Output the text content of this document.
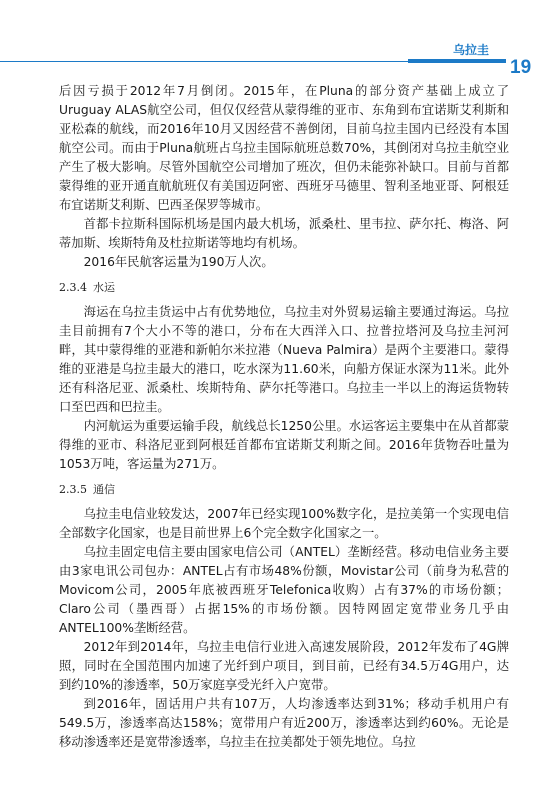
乌拉圭
19

后因亏损于2012年7月倒闭。2015年，在Pluna的部分资产基础上成立了Uruguay ALAS航空公司，但仅仅经营从蒙得维的亚市、东角到布宜诺斯艾利斯和亚松森的航线，而2016年10月又因经营不善倒闭，目前乌拉圭国内已经没有本国航空公司。而由于Pluna航班占乌拉圭国际航班总数70%，其倒闭对乌拉圭航空业产生了极大影响。尽管外国航空公司增加了班次，但仍未能弥补缺口。目前与首都蒙得维的亚开通直航航班仅有美国迈阿密、西班牙马德里、智利圣地亚哥、阿根廷布宜诺斯艾利斯、巴西圣保罗等城市。

首都卡拉斯科国际机场是国内最大机场，派桑杜、里韦拉、萨尔托、梅洛、阿蒂加斯、埃斯特角及杜拉斯诺等地均有机场。

2016年民航客运量为190万人次。

2.3.4 水运

海运在乌拉圭货运中占有优势地位，乌拉圭对外贸易运输主要通过海运。乌拉圭目前拥有7个大小不等的港口，分布在大西洋入口、拉普拉塔河及乌拉圭河河畔，其中蒙得维的亚港和新帕尔米拉港（Nueva Palmira）是两个主要港口。蒙得维的亚港是乌拉圭最大的港口，吃水深为11.60米，向船方保证水深为11米。此外还有科洛尼亚、派桑杜、埃斯特角、萨尔托等港口。乌拉圭一半以上的海运货物转口至巴西和巴拉圭。

内河航运为重要运输手段，航线总长1250公里。水运客运主要集中在从首都蒙得维的亚市、科洛尼亚到阿根廷首都布宜诺斯艾利斯之间。2016年货物吞吐量为1053万吨，客运量为271万。

2.3.5 通信

乌拉圭电信业较发达，2007年已经实现100%数字化，是拉美第一个实现电信全部数字化国家，也是目前世界上6个完全数字化国家之一。

乌拉圭固定电信主要由国家电信公司（ANTEL）垄断经营。移动电信业务主要由3家电讯公司包办：ANTEL占有市场48%份额，Movistar公司（前身为私营的Movicom公司，2005年底被西班牙Telefonica收购）占有37%的市场份额；Claro公司（墨西哥）占据15%的市场份额。因特网固定宽带业务几乎由ANTEL100%垄断经营。

2012年到2014年，乌拉圭电信行业进入高速发展阶段，2012年发布了4G牌照，同时在全国范围内加速了光纤到户项目，到目前，已经有34.5万4G用户，达到约10%的渗透率，50万家庭享受光纤入户宽带。

到2016年，固话用户共有107万，人均渗透率达到31%；移动手机用户有549.5万，渗透率高达158%；宽带用户有近200万，渗透率达到约60%。无论是移动渗透率还是宽带渗透率，乌拉圭在拉美都处于领先地位。乌拉
